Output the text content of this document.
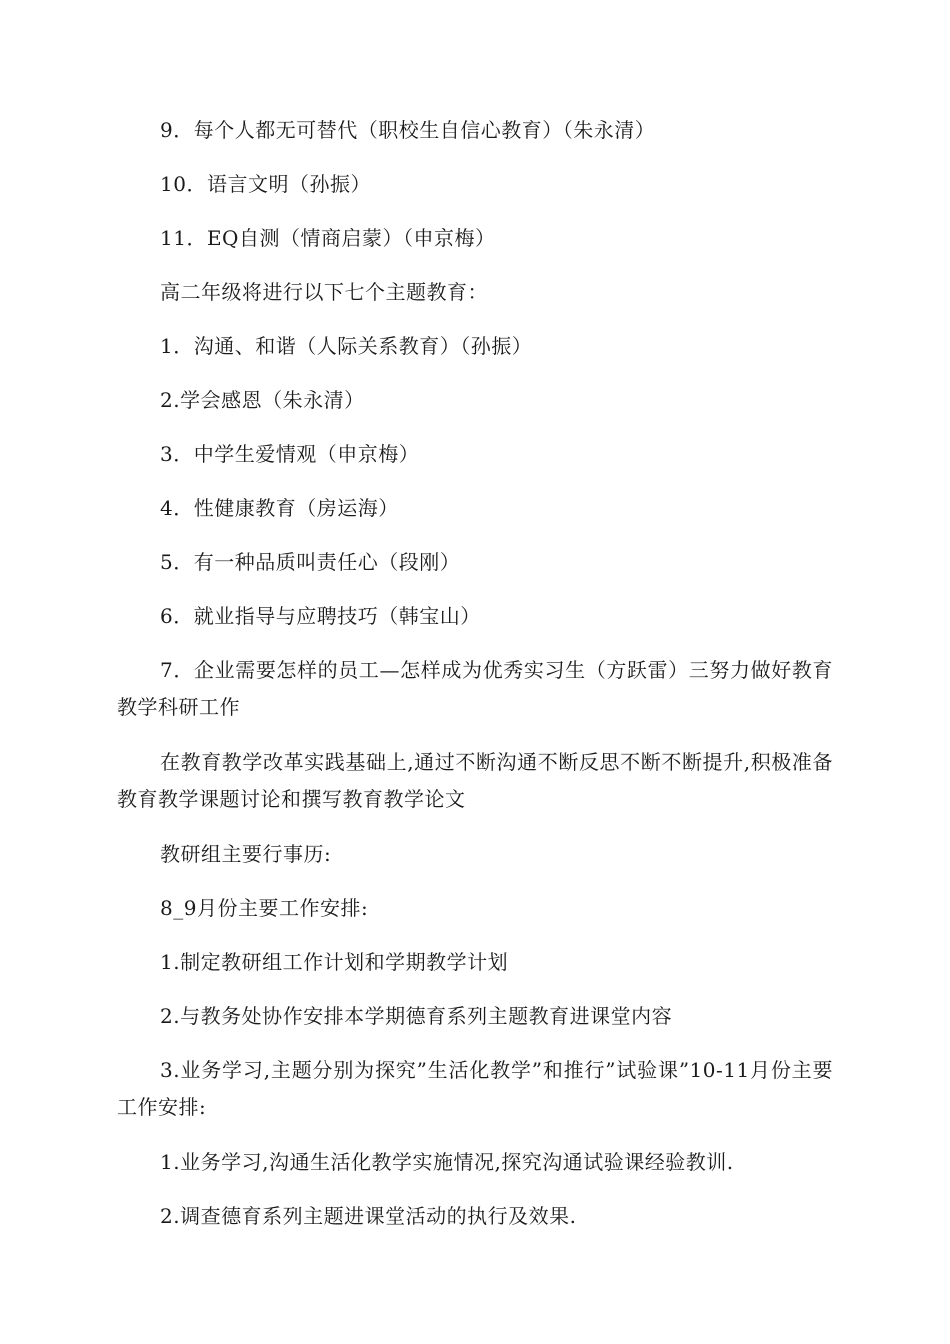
9．每个人都无可替代（职校生自信心教育）（朱永清）

10．语言文明（孙振）

11．EQ自测（情商启蒙）（申京梅）

高二年级将进行以下七个主题教育：

1．沟通、和谐（人际关系教育）（孙振）

2.学会感恩（朱永清）

3．中学生爱情观（申京梅）

4．性健康教育（房运海）

5．有一种品质叫责任心（段刚）

6．就业指导与应聘技巧（韩宝山）

7．企业需要怎样的员工—怎样成为优秀实习生（方跃雷）三努力做好教育教学科研工作

在教育教学改革实践基础上,通过不断沟通不断反思不断不断提升,积极准备教育教学课题讨论和撰写教育教学论文

教研组主要行事历:

8_9月份主要工作安排:

1.制定教研组工作计划和学期教学计划

2.与教务处协作安排本学期德育系列主题教育进课堂内容

3.业务学习,主题分别为探究”生活化教学”和推行”试验课”10-11月份主要工作安排:

1.业务学习,沟通生活化教学实施情况,探究沟通试验课经验教训.

2.调查德育系列主题进课堂活动的执行及效果.
